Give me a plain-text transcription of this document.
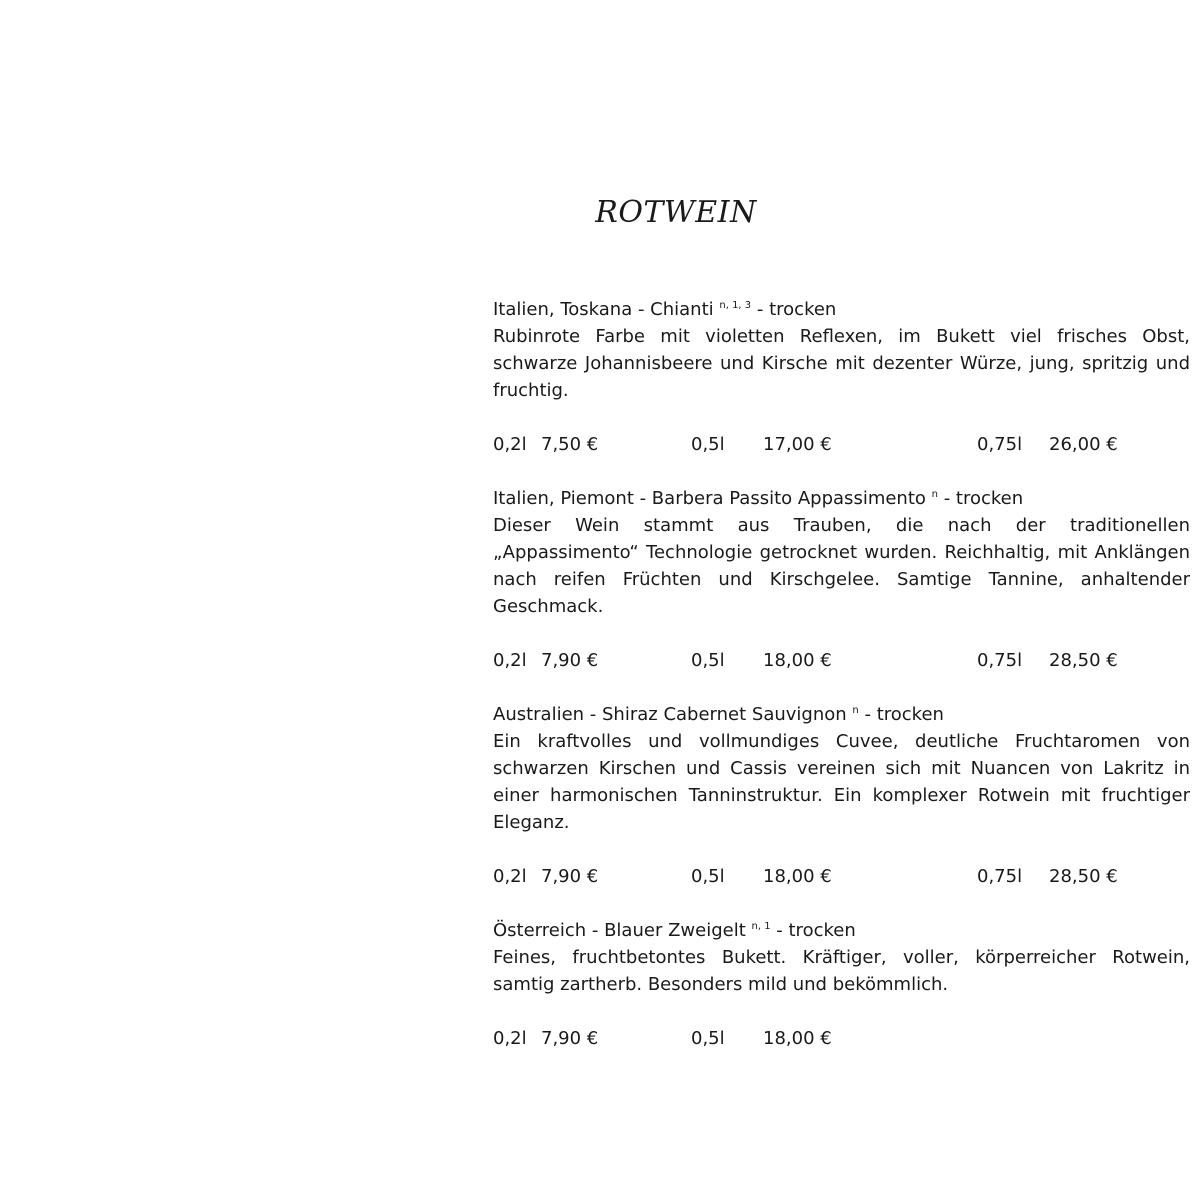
ROTWEIN
Italien, Toskana - Chianti $^{n, 1, 3}$ - trocken
Rubinrote Farbe mit violetten Reflexen, im Bukett viel frisches Obst, schwarze Johannisbeere und Kirsche mit dezenter Würze, jung, spritzig und fruchtig.
0,2l 7,50 €	0,5l 17,00 €	0,75l 26,00 €
Italien, Piemont - Barbera Passito Appassimento $^n$ - trocken
Dieser Wein stammt aus Trauben, die nach der traditionellen „Appassimento“ Technologie getrocknet wurden. Reichhaltig, mit Anklängen nach reifen Früchten und Kirschgelee. Samtige Tannine, anhaltender Geschmack.
0,2l 7,90 €	0,5l 18,00 €	0,75l 28,50 €
Australien - Shiraz Cabernet Sauvignon $^n$ - trocken
Ein kraftvolles und vollmundiges Cuvee, deutliche Fruchtaromen von schwarzen Kirschen und Cassis vereinen sich mit Nuancen von Lakritz in einer harmonischen Tanninstruktur. Ein komplexer Rotwein mit fruchtiger Eleganz.
0,2l 7,90 €	0,5l 18,00 €	0,75l 28,50 €
Österreich - Blauer Zweigelt $^{n, 1}$ - trocken
Feines, fruchtbetontes Bukett. Kräftiger, voller, körperreicher Rotwein, samtig zartherb. Besonders mild und bekömmlich.
0,2l 7,90 €	0,5l 18,00 €
